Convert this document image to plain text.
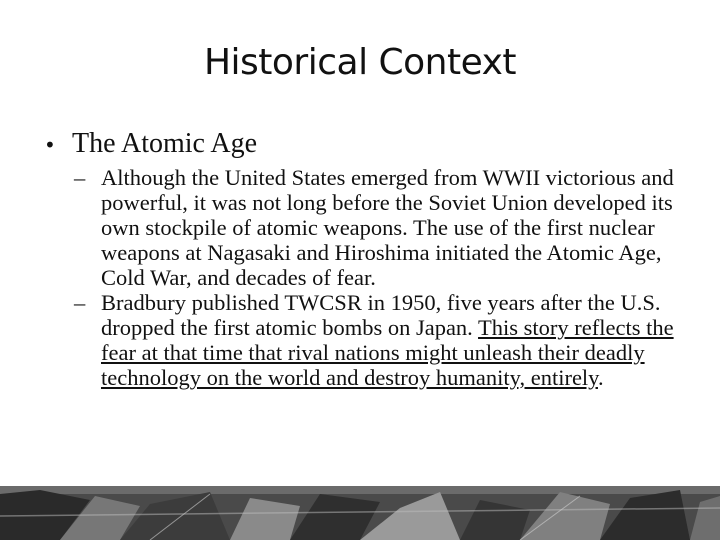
Historical Context
• The Atomic Age
– Although the United States emerged from WWII victorious and powerful, it was not long before the Soviet Union developed its own stockpile of atomic weapons. The use of the first nuclear weapons at Nagasaki and Hiroshima initiated the Atomic Age, Cold War, and decades of fear.
– Bradbury published TWCSR in 1950, five years after the U.S. dropped the first atomic bombs on Japan. This story reflects the fear at that time that rival nations might unleash their deadly technology on the world and destroy humanity, entirely.
